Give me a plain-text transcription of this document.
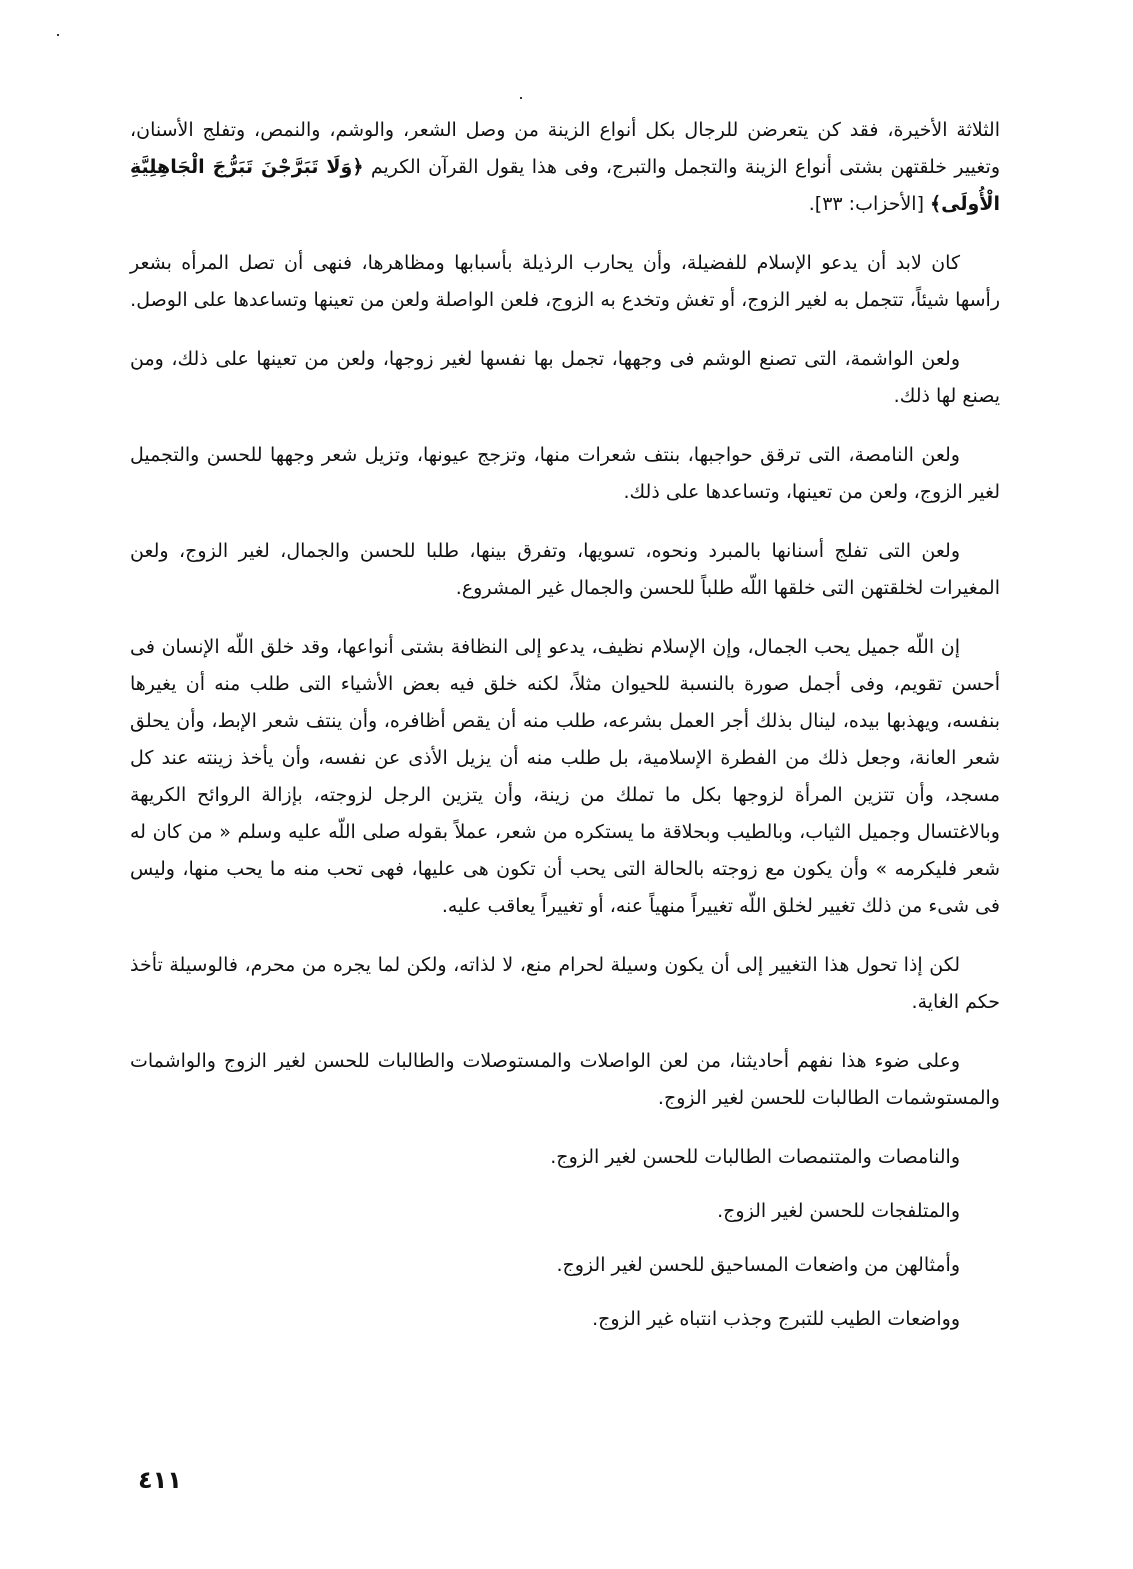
الثلاثة الأخيرة، فقد كن يتعرضن للرجال بكل أنواع الزينة من وصل الشعر، والوشم، والنمص، وتفلج الأسنان، وتغيير خلقتهن بشتى أنواع الزينة والتجمل والتبرج، وفى هذا يقول القرآن الكريم ﴿وَلَا تَبَرَّجْنَ تَبَرُّجَ الْجَاهِلِيَّةِ الْأُولَى﴾ [الأحزاب: ٣٣].

كان لابد أن يدعو الإسلام للفضيلة، وأن يحارب الرذيلة بأسبابها ومظاهرها، فنهى أن تصل المرأه بشعر رأسها شيئاً، تتجمل به لغير الزوج، أو تغش وتخدع به الزوج، فلعن الواصلة ولعن من تعينها وتساعدها على الوصل.

ولعن الواشمة، التى تصنع الوشم فى وجهها، تجمل بها نفسها لغير زوجها، ولعن من تعينها على ذلك، ومن يصنع لها ذلك.

ولعن النامصة، التى ترقق حواجبها، بنتف شعرات منها، وتزجج عيونها، وتزيل شعر وجهها للحسن والتجميل لغير الزوج، ولعن من تعينها، وتساعدها على ذلك.

ولعن التى تفلج أسنانها بالمبرد ونحوه، تسويها، وتفرق بينها، طلبا للحسن والجمال، لغير الزوج، ولعن المغيرات لخلقتهن التى خلقها اللّه طلباً للحسن والجمال غير المشروع.

إن اللّه جميل يحب الجمال، وإن الإسلام نظيف، يدعو إلى النظافة بشتى أنواعها، وقد خلق اللّه الإنسان فى أحسن تقويم، وفى أجمل صورة بالنسبة للحيوان مثلاً، لكنه خلق فيه بعض الأشياء التى طلب منه أن يغيرها بنفسه، ويهذبها بيده، لينال بذلك أجر العمل بشرعه، طلب منه أن يقص أظافره، وأن ينتف شعر الإبط، وأن يحلق شعر العانة، وجعل ذلك من الفطرة الإسلامية، بل طلب منه أن يزيل الأذى عن نفسه، وأن يأخذ زينته عند كل مسجد، وأن تتزين المرأة لزوجها بكل ما تملك من زينة، وأن يتزين الرجل لزوجته، بإزالة الروائح الكريهة وبالاغتسال وجميل الثياب، وبالطيب وبحلاقة ما يستكره من شعر، عملاً بقوله صلى اللّه عليه وسلم « من كان له شعر فليكرمه » وأن يكون مع زوجته بالحالة التى يحب أن تكون هى عليها، فهى تحب منه ما يحب منها، وليس فى شىء من ذلك تغيير لخلق اللّه تغييراً منهياً عنه، أو تغييراً يعاقب عليه.

لكن إذا تحول هذا التغيير إلى أن يكون وسيلة لحرام منع، لا لذاته، ولكن لما يجره من محرم، فالوسيلة تأخذ حكم الغاية.

وعلى ضوء هذا نفهم أحاديثنا، من لعن الواصلات والمستوصلات والطالبات للحسن لغير الزوج والواشمات والمستوشمات الطالبات للحسن لغير الزوج.

والنامصات والمتنمصات الطالبات للحسن لغير الزوج.

والمتلفجات للحسن لغير الزوج.

وأمثالهن من واضعات المساحيق للحسن لغير الزوج.

وواضعات الطيب للتبرج وجذب انتباه غير الزوج.

٤١١
